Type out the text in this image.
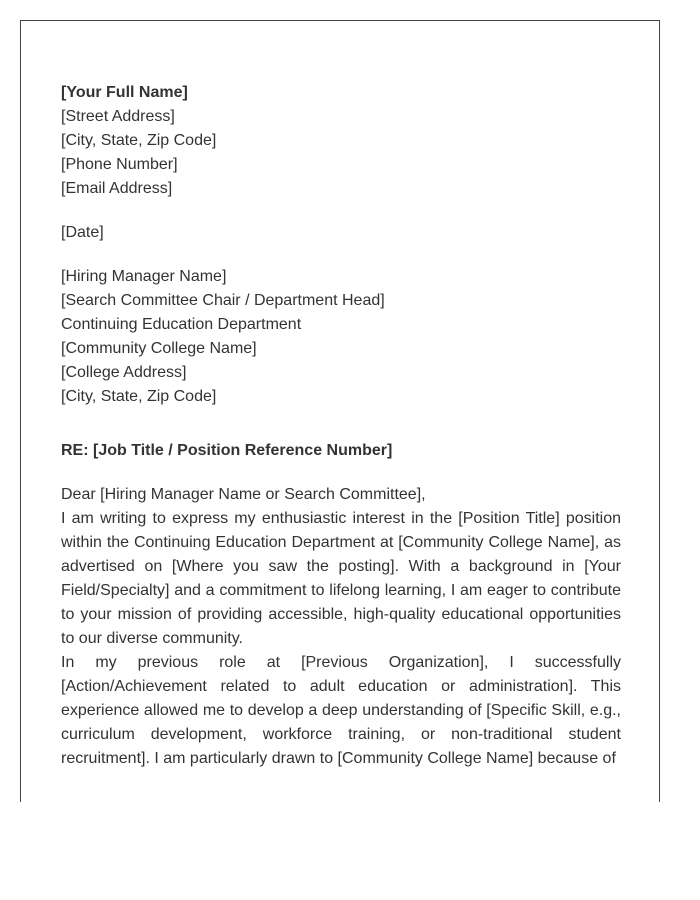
[Your Full Name]
[Street Address]
[City, State, Zip Code]
[Phone Number]
[Email Address]
[Date]
[Hiring Manager Name]
[Search Committee Chair / Department Head]
Continuing Education Department
[Community College Name]
[College Address]
[City, State, Zip Code]
RE: [Job Title / Position Reference Number]
Dear [Hiring Manager Name or Search Committee],

I am writing to express my enthusiastic interest in the [Position Title] position within the Continuing Education Department at [Community College Name], as advertised on [Where you saw the posting]. With a background in [Your Field/Specialty] and a commitment to lifelong learning, I am eager to contribute to your mission of providing accessible, high-quality educational opportunities to our diverse community.

In my previous role at [Previous Organization], I successfully [Action/Achievement related to adult education or administration]. This experience allowed me to develop a deep understanding of [Specific Skill, e.g., curriculum development, workforce training, or non-traditional student recruitment]. I am particularly drawn to [Community College Name] because of
